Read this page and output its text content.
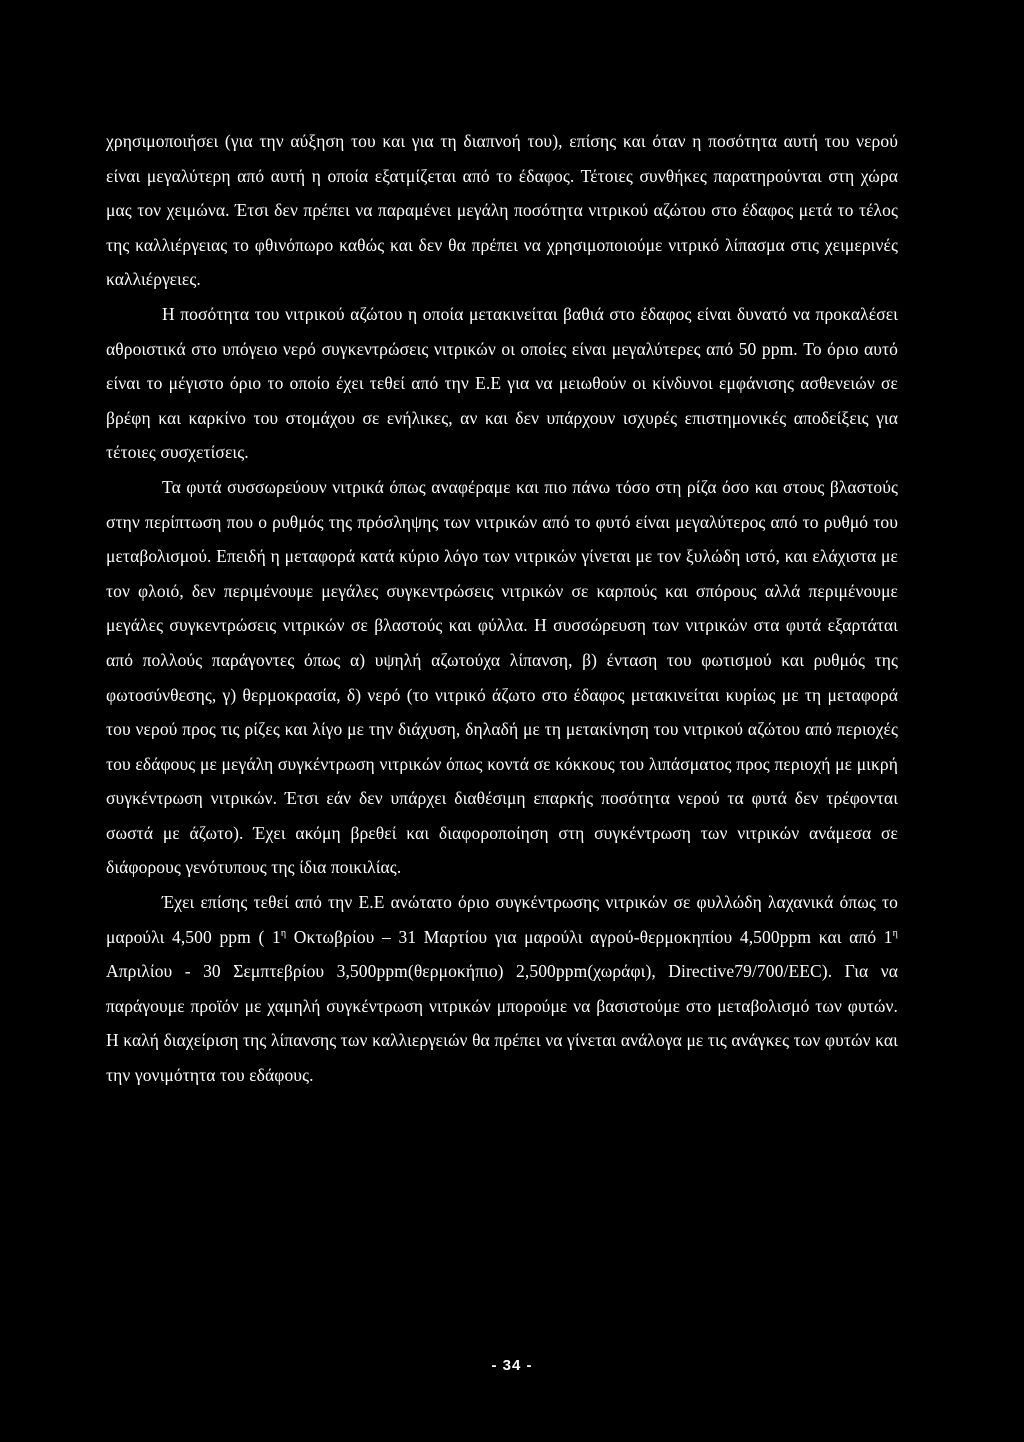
χρησιμοποιήσει (για την αύξηση του και για τη διαπνοή του), επίσης και όταν η ποσότητα αυτή του νερού είναι μεγαλύτερη από αυτή η οποία εξατμίζεται από το έδαφος. Τέτοιες συνθήκες παρατηρούνται στη χώρα μας τον χειμώνα. Έτσι δεν πρέπει να παραμένει μεγάλη ποσότητα νιτρικού αζώτου στο έδαφος μετά το τέλος της καλλιέργειας το φθινόπωρο καθώς και δεν θα πρέπει να χρησιμοποιούμε νιτρικό λίπασμα στις χειμερινές καλλιέργειες.

Η ποσότητα του νιτρικού αζώτου η οποία μετακινείται βαθιά στο έδαφος είναι δυνατό να προκαλέσει αθροιστικά στο υπόγειο νερό συγκεντρώσεις νιτρικών οι οποίες είναι μεγαλύτερες από 50 ppm. Το όριο αυτό είναι το μέγιστο όριο το οποίο έχει τεθεί από την Ε.Ε για να μειωθούν οι κίνδυνοι εμφάνισης ασθενειών σε βρέφη και καρκίνο του στομάχου σε ενήλικες, αν και δεν υπάρχουν ισχυρές επιστημονικές αποδείξεις για τέτοιες συσχετίσεις.

Τα φυτά συσσωρεύουν νιτρικά όπως αναφέραμε και πιο πάνω τόσο στη ρίζα όσο και στους βλαστούς στην περίπτωση που ο ρυθμός της πρόσληψης των νιτρικών από το φυτό είναι μεγαλύτερος από το ρυθμό του μεταβολισμού. Επειδή η μεταφορά κατά κύριο λόγο των νιτρικών γίνεται με τον ξυλώδη ιστό, και ελάχιστα με τον φλοιό, δεν περιμένουμε μεγάλες συγκεντρώσεις νιτρικών σε καρπούς και σπόρους αλλά περιμένουμε μεγάλες συγκεντρώσεις νιτρικών σε βλαστούς και φύλλα. Η συσσώρευση των νιτρικών στα φυτά εξαρτάται από πολλούς παράγοντες όπως α) υψηλή αζωτούχα λίπανση, β) ένταση του φωτισμού και ρυθμός της φωτοσύνθεσης, γ) θερμοκρασία, δ) νερό (το νιτρικό άζωτο στο έδαφος μετακινείται κυρίως με τη μεταφορά του νερού προς τις ρίζες και λίγο με την διάχυση, δηλαδή με τη μετακίνηση του νιτρικού αζώτου από περιοχές του εδάφους με μεγάλη συγκέντρωση νιτρικών όπως κοντά σε κόκκους του λιπάσματος προς περιοχή με μικρή συγκέντρωση νιτρικών. Έτσι εάν δεν υπάρχει διαθέσιμη επαρκής ποσότητα νερού τα φυτά δεν τρέφονται σωστά με άζωτο). Έχει ακόμη βρεθεί και διαφοροποίηση στη συγκέντρωση των νιτρικών ανάμεσα σε διάφορους γενότυπους της ίδια ποικιλίας.

Έχει επίσης τεθεί από την Ε.Ε ανώτατο όριο συγκέντρωσης νιτρικών σε φυλλώδη λαχανικά όπως το μαρούλι 4,500 ppm ( $1^\eta$ Οκτωβρίου – 31 Μαρτίου για μαρούλι αγρού-θερμοκηπίου 4,500ppm και από $1^\eta$ Απριλίου - 30 Σεμπτεβρίου 3,500ppm(θερμοκήπιο) 2,500ppm(χωράφι), Directive79/700/EEC). Για να παράγουμε προϊόν με χαμηλή συγκέντρωση νιτρικών μπορούμε να βασιστούμε στο μεταβολισμό των φυτών. Η καλή διαχείριση της λίπανσης των καλλιεργειών θα πρέπει να γίνεται ανάλογα με τις ανάγκες των φυτών και την γονιμότητα του εδάφους.

- 34 -
